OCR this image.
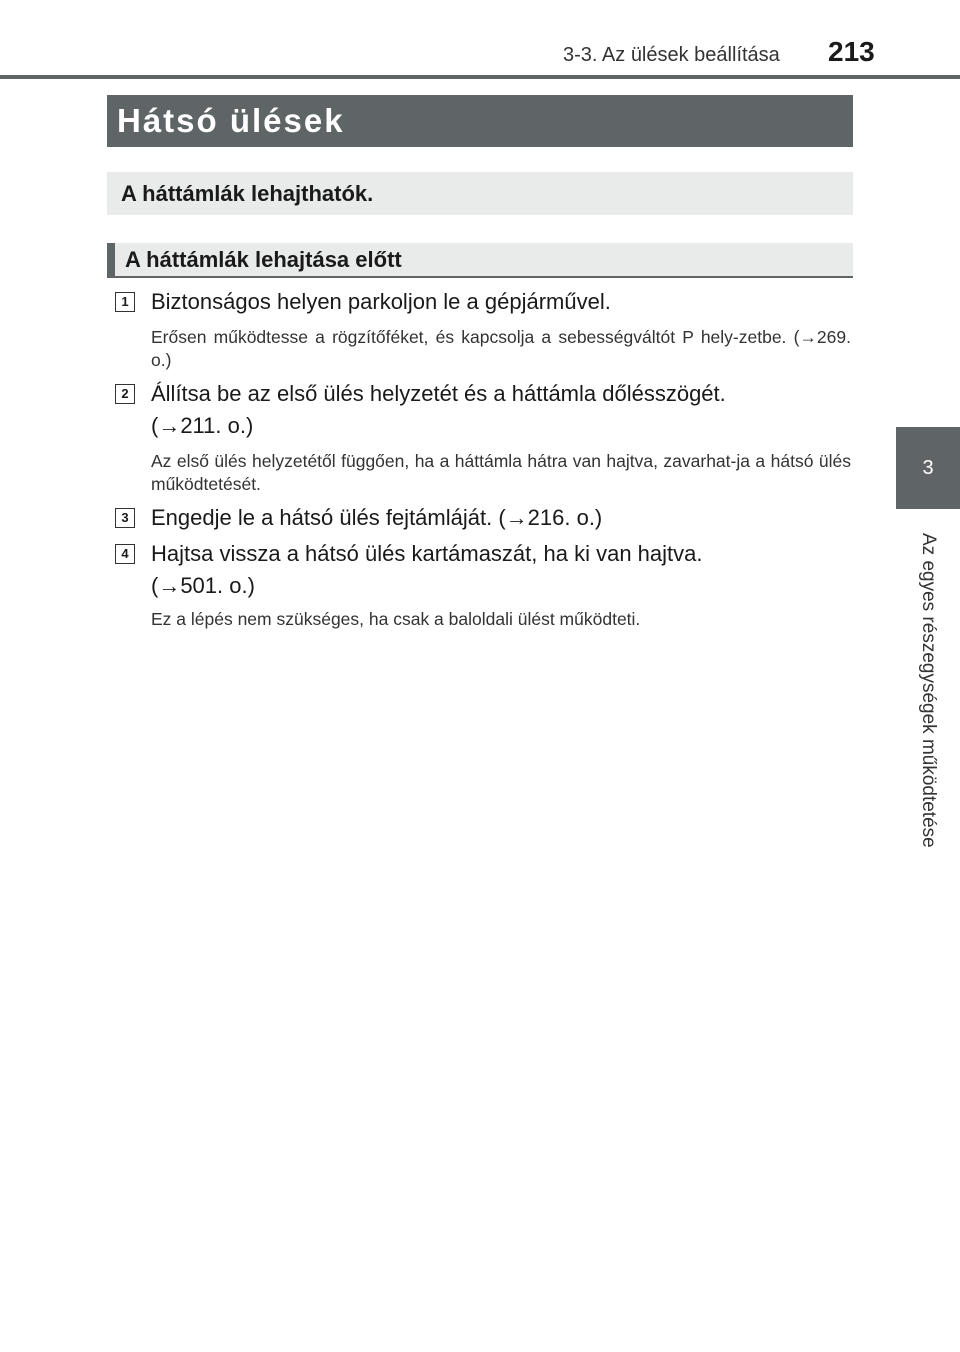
3-3. Az ülések beállítása 213
3
Az egyes részegységek működtetése
Hátsó ülések
A háttámlák lehajthatók.
A háttámlák lehajtása előtt
1 Biztonságos helyen parkoljon le a gépjárművel.
Erősen működtesse a rögzítőféket, és kapcsolja a sebességváltót P hely-zetbe. (→269. o.)
2 Állítsa be az első ülés helyzetét és a háttámla dőlésszögét. (→211. o.)
Az első ülés helyzetétől függően, ha a háttámla hátra van hajtva, zavarhat-ja a hátsó ülés működtetését.
3 Engedje le a hátsó ülés fejtámláját. (→216. o.)
4 Hajtsa vissza a hátsó ülés kartámaszát, ha ki van hajtva. (→501. o.)
Ez a lépés nem szükséges, ha csak a baloldali ülést működteti.
